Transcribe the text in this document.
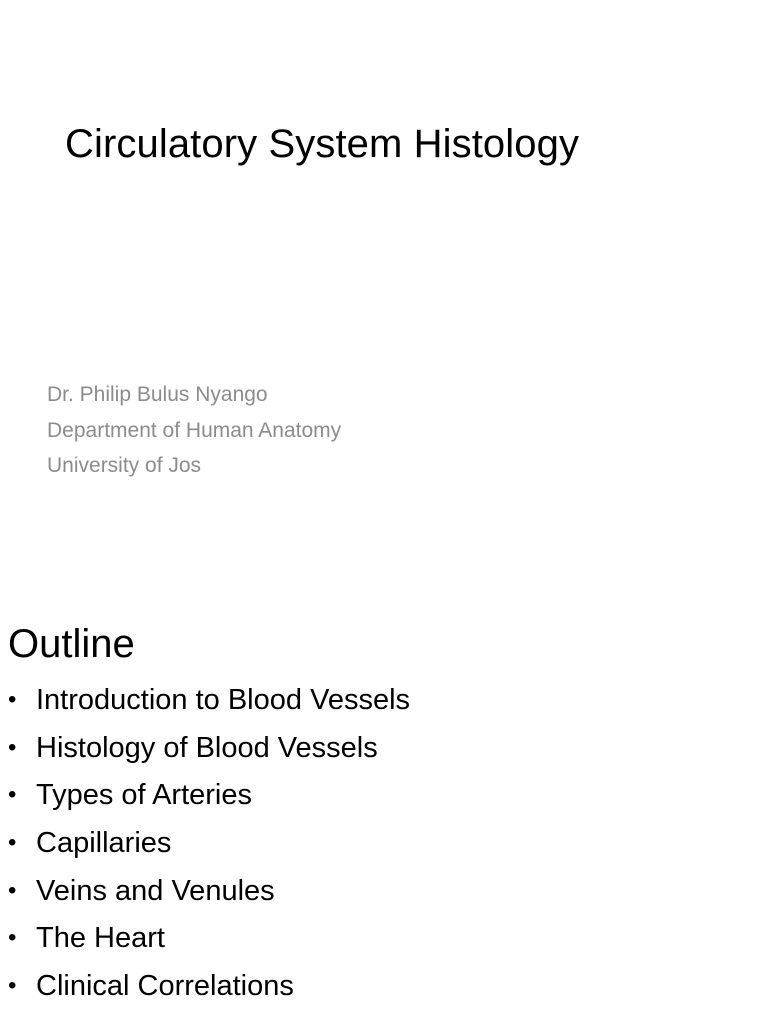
Circulatory System Histology
Dr. Philip Bulus Nyango
Department of Human Anatomy
University of Jos
Outline
• Introduction to Blood Vessels
• Histology of Blood Vessels
• Types of Arteries
• Capillaries
• Veins and Venules
• The Heart
• Clinical Correlations
